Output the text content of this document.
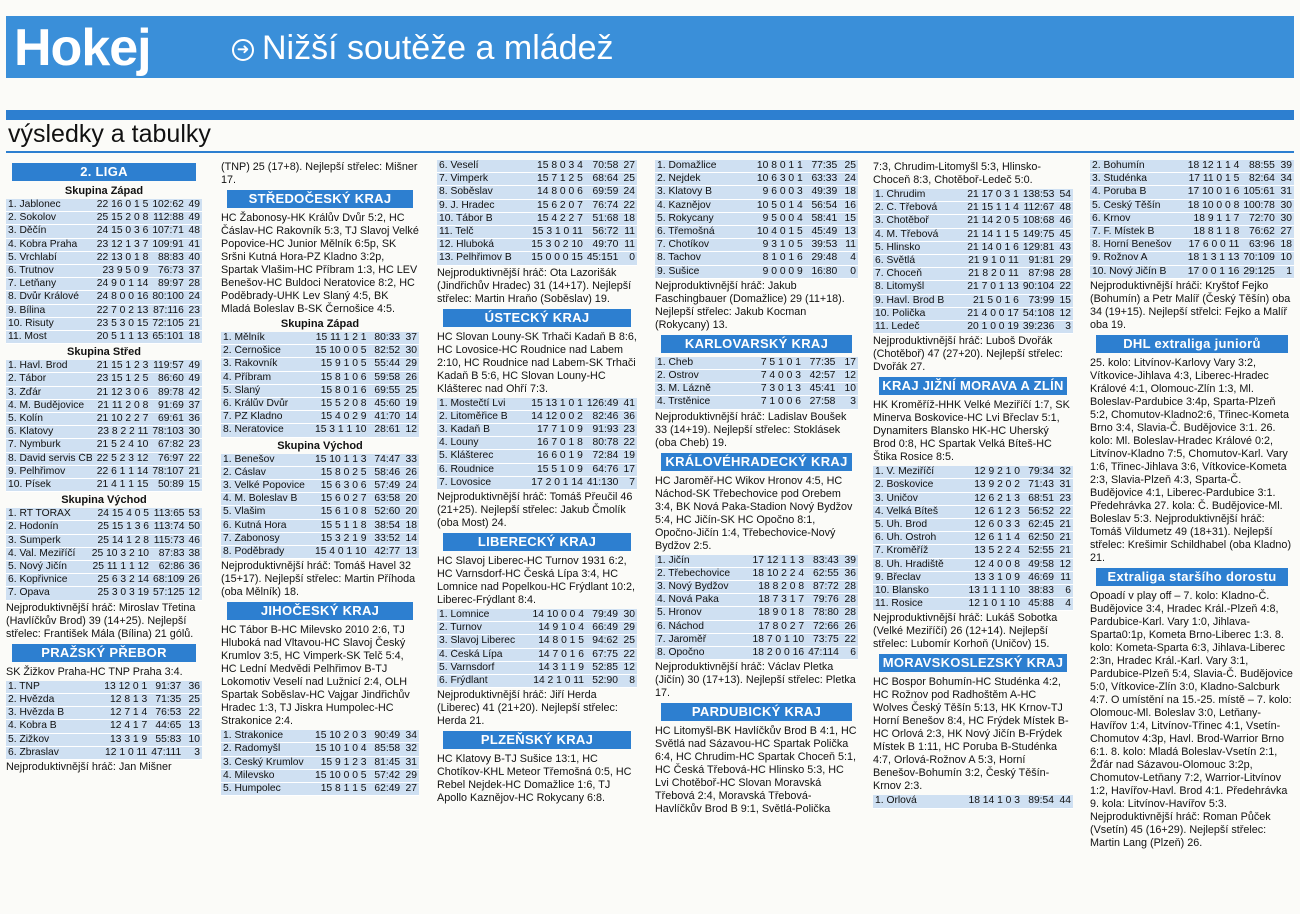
Hokej	➜ Nižší soutěže a mládež
výsledky a tabulky
2. LIGA
Skupina Západ
1. Jablonec	22 16 0 1 5	102:62	49
2. Sokolov	25 15 2 0 8	112:88	49
3. Děčín	24 15 0 3 6	107:71	48
4. Kobra Praha	23 12 1 3 7	109:91	41
5. Vrchlabí	22 13 0 1 8	88:83	40
6. Trutnov	23 9 5 0 9	76:73	37
7. Letňany	24 9 0 1 14	89:97	28
8. Dvůr Králové	24 8 0 0 16	80:100	24
9. Bílina	22 7 0 2 13	87:116	23
10. Řisuty	23 5 3 0 15	72:105	21
11. Most	20 5 1 1 13	65:101	18
Skupina Střed
1. Havl. Brod	21 15 1 2 3	119:57	49
2. Tábor	23 15 1 2 5	86:60	49
3. Žďár	21 12 3 0 6	89:78	42
4. M. Budějovice	21 11 2 0 8	91:69	37
5. Kolín	21 10 2 2 7	69:61	36
6. Klatovy	23 8 2 2 11	78:103	30
7. Nymburk	21 5 2 4 10	67:82	23
8. David servis ČB	22 5 2 3 12	76:97	22
9. Pelhřimov	22 6 1 1 14	78:107	21
10. Písek	21 4 1 1 15	50:89	15
Skupina Východ
1. RT TORAX	24 15 4 0 5	113:65	53
2. Hodonín	25 15 1 3 6	113:74	50
3. Šumperk	25 14 1 2 8	115:73	46
4. Val. Meziříčí	25 10 3 2 10	87:83	38
5. Nový Jičín	25 11 1 1 12	62:86	36
6. Kopřivnice	25 6 3 2 14	68:109	26
7. Opava	25 3 0 3 19	57:125	12

Nejproduktivnější hráč: Miroslav Třetina (Havlíčkův Brod) 39 (14+25). Nejlepší střelec: František Mála (Bílina) 21 gólů.

PRAŽSKÝ PŘEBOR

SK Žižkov Praha-HC TNP Praha 3:4.

1. TNP	13 12 0 1	91:37	36
2. Hvězda	12 8 1 3	71:35	25
3. Hvězda B	12 7 1 4	76:53	22
4. Kobra B	12 4 1 7	44:65	13
5. Žižkov	13 3 1 9	55:83	10
6. Zbraslav	12 1 0 11	47:111	3

Nejproduktivnější hráč: Jan Mišner

(TNP) 25 (17+8). Nejlepší střelec: Mišner 17.

STŘEDOČESKÝ KRAJ

HC Žabonosy-HK Králův Dvůr 5:2, HC Čáslav-HC Rakovník 5:3, TJ Slavoj Velké Popovice-HC Junior Mělník 6:5p, SK Sršni Kutná Hora-PZ Kladno 3:2p, Spartak Vlašim-HC Příbram 1:3, HC LEV Benešov-HC Buldoci Neratovice 8:2, HC Poděbrady-UHK Lev Slaný 4:5, BK Mladá Boleslav B-SK Černošice 4:5.

Skupina Západ
1. Mělník	15 11 1 2 1	80:33	37
2. Černošice	15 10 0 0 5	82:52	30
3. Rakovník	15 9 1 0 5	55:44	29
4. Příbram	15 8 1 0 6	59:58	26
5. Slaný	15 8 0 1 6	69:55	25
6. Králův Dvůr	15 5 2 0 8	45:60	19
7. PZ Kladno	15 4 0 2 9	41:70	14
8. Neratovice	15 3 1 1 10	28:61	12
Skupina Východ
1. Benešov	15 10 1 1 3	74:47	33
2. Čáslav	15 8 0 2 5	58:46	26
3. Velké Popovice	15 6 3 0 6	57:49	24
4. M. Boleslav B	15 6 0 2 7	63:58	20
5. Vlašim	15 6 1 0 8	52:60	20
6. Kutná Hora	15 5 1 1 8	38:54	18
7. Žabonosy	15 3 2 1 9	33:52	14
8. Poděbrady	15 4 0 1 10	42:77	13

Nejproduktivnější hráč: Tomáš Havel 32 (15+17). Nejlepší střelec: Martin Příhoda (oba Mělník) 18.

JIHOČESKÝ KRAJ

HC Tábor B-HC Milevsko 2010 2:6, TJ Hluboká nad Vltavou-HC Slavoj Český Krumlov 3:5, HC Vimperk-SK Telč 5:4, HC Lední Medvědi Pelhřimov B-TJ Lokomotiv Veselí nad Lužnicí 2:4, OLH Spartak Soběslav-HC Vajgar Jindřichův Hradec 1:3, TJ Jiskra Humpolec-HC Strakonice 2:4.

1. Strakonice	15 10 2 0 3	90:49	34
2. Radomyšl	15 10 1 0 4	85:58	32
3. Český Krumlov	15 9 1 2 3	81:45	31
4. Milevsko	15 10 0 0 5	57:42	29
5. Humpolec	15 8 1 1 5	62:49	27
6. Veselí	15 8 0 3 4	70:58	27
7. Vimperk	15 7 1 2 5	68:64	25
8. Soběslav	14 8 0 0 6	69:59	24
9. J. Hradec	15 6 2 0 7	76:74	22
10. Tábor B	15 4 2 2 7	51:68	18
11. Telč	15 3 1 0 11	56:72	11
12. Hluboká	15 3 0 2 10	49:70	11
13. Pelhřimov B	15 0 0 0 15	45:151	0

Nejproduktivnější hráč: Ota Lazorišák (Jindřichův Hradec) 31 (14+17). Nejlepší střelec: Martin Hraňo (Soběslav) 19.

ÚSTECKÝ KRAJ

HC Slovan Louny-SK Trhači Kadaň B 8:6, HC Lovosice-HC Roudnice nad Labem 2:10, HC Roudnice nad Labem-SK Trhači Kadaň B 5:6, HC Slovan Louny-HC Klášterec nad Ohří 7:3.

1. Mostečtí Lvi	15 13 1 0 1	126:49	41
2. Litoměřice B	14 12 0 0 2	82:46	36
3. Kadaň B	17 7 1 0 9	91:93	23
4. Louny	16 7 0 1 8	80:78	22
5. Klášterec	16 6 0 1 9	72:84	19
6. Roudnice	15 5 1 0 9	64:76	17
7. Lovosice	17 2 0 1 14	41:130	7

Nejproduktivnější hráč: Tomáš Přeučil 46 (21+25). Nejlepší střelec: Jakub Čmolík (oba Most) 24.

LIBERECKÝ KRAJ

HC Slavoj Liberec-HC Turnov 1931 6:2, HC Varnsdorf-HC Česká Lípa 3:4, HC Lomnice nad Popelkou-HC Frýdlant 10:2, Liberec-Frýdlant 8:4.

1. Lomnice	14 10 0 0 4	79:49	30
2. Turnov	14 9 1 0 4	66:49	29
3. Slavoj Liberec	14 8 0 1 5	94:62	25
4. Česká Lípa	14 7 0 1 6	67:75	22
5. Varnsdorf	14 3 1 1 9	52:85	12
6. Frýdlant	14 2 1 0 11	52:90	8

Nejproduktivnější hráč: Jiří Herda (Liberec) 41 (21+20). Nejlepší střelec: Herda 21.

PLZEŇSKÝ KRAJ

HC Klatovy B-TJ Sušice 13:1, HC Chotíkov-KHL Meteor Třemošná 0:5, HC Rebel Nejdek-HC Domažlice 1:6, TJ Apollo Kaznějov-HC Rokycany 6:8.

1. Domažlice	10 8 0 1 1	77:35	25
2. Nejdek	10 6 3 0 1	63:33	24
3. Klatovy B	9 6 0 0 3	49:39	18
4. Kaznějov	10 5 0 1 4	56:54	16
5. Rokycany	9 5 0 0 4	58:41	15
6. Třemošná	10 4 0 1 5	45:49	13
7. Chotíkov	9 3 1 0 5	39:53	11
8. Tachov	8 1 0 1 6	29:48	4
9. Sušice	9 0 0 0 9	16:80	0

Nejproduktivnější hráč: Jakub Faschingbauer (Domažlice) 29 (11+18). Nejlepší střelec: Jakub Kocman (Rokycany) 13.

KARLOVARSKÝ KRAJ
1. Cheb	7 5 1 0 1	77:35	17
2. Ostrov	7 4 0 0 3	42:57	12
3. M. Lázně	7 3 0 1 3	45:41	10
4. Trstěnice	7 1 0 0 6	27:58	3

Nejproduktivnější hráč: Ladislav Boušek 33 (14+19). Nejlepší střelec: Stoklásek (oba Cheb) 19.

KRÁLOVÉHRADECKÝ KRAJ

HC Jaroměř-HC Wikov Hronov 4:5, HC Náchod-SK Třebechovice pod Orebem 3:4, BK Nová Paka-Stadion Nový Bydžov 5:4, HC Jičín-SK HC Opočno 8:1, Opočno-Jičín 1:4, Třebechovice-Nový Bydžov 2:5.

1. Jičín	17 12 1 1 3	83:43	39
2. Třebechovice	18 10 2 2 4	62:55	36
3. Nový Bydžov	18 8 2 0 8	87:72	28
4. Nová Paka	18 7 3 1 7	79:76	28
5. Hronov	18 9 0 1 8	78:80	28
6. Náchod	17 8 0 2 7	72:66	26
7. Jaroměř	18 7 0 1 10	73:75	22
8. Opočno	18 2 0 0 16	47:114	6

Nejproduktivnější hráč: Václav Pletka (Jičín) 30 (17+13). Nejlepší střelec: Pletka 17.

PARDUBICKÝ KRAJ

HC Litomyšl-BK Havlíčkův Brod B 4:1, HC Světlá nad Sázavou-HC Spartak Polička 6:4, HC Chrudim-HC Spartak Choceň 5:1, HC Česká Třebová-HC Hlinsko 5:3, HC Lvi Chotěboř-HC Slovan Moravská Třebová 2:4, Moravská Třebová-Havlíčkův Brod B 9:1, Světlá-Polička

7:3, Chrudim-Litomyšl 5:3, Hlinsko-Choceň 8:3, Chotěboř-Ledeč 5:0.

1. Chrudim	21 17 0 3 1	138:53	54
2. Č. Třebová	21 15 1 1 4	112:67	48
3. Chotěboř	21 14 2 0 5	108:68	46
4. M. Třebová	21 14 1 1 5	149:75	45
5. Hlinsko	21 14 0 1 6	129:81	43
6. Světlá	21 9 1 0 11	91:81	29
7. Choceň	21 8 2 0 11	87:98	28
8. Litomyšl	21 7 0 1 13	90:104	22
9. Havl. Brod B	21 5 0 1 6	73:99	15
10. Polička	21 4 0 0 17	54:108	12
11. Ledeč	20 1 0 0 19	39:236	3

Nejproduktivnější hráč: Luboš Dvořák (Chotěboř) 47 (27+20). Nejlepší střelec: Dvořák 27.

KRAJ JIŽNÍ MORAVA A ZLÍN

HK Kroměříž-HHK Velké Meziříčí 1:7, SK Minerva Boskovice-HC Lvi Břeclav 5:1, Dynamiters Blansko HK-HC Uherský Brod 0:8, HC Spartak Velká Bíteš-HC Štika Rosice 8:5.

1. V. Meziříčí	12 9 2 1 0	79:34	32
2. Boskovice	13 9 2 0 2	71:43	31
3. Uničov	12 6 2 1 3	68:51	23
4. Velká Bíteš	12 6 1 2 3	56:52	22
5. Uh. Brod	12 6 0 3 3	62:45	21
6. Uh. Ostroh	12 6 1 1 4	62:50	21
7. Kroměříž	13 5 2 2 4	52:55	21
8. Uh. Hradiště	12 4 0 0 8	49:58	12
9. Břeclav	13 3 1 0 9	46:69	11
10. Blansko	13 1 1 1 10	38:83	6
11. Rosice	12 1 0 1 10	45:88	4

Nejproduktivnější hráč: Lukáš Sobotka (Velké Meziříčí) 26 (12+14). Nejlepší střelec: Lubomír Korhoň (Uničov) 15.

MORAVSKOSLEZSKÝ KRAJ

HC Bospor Bohumín-HC Studénka 4:2, HC Rožnov pod Radhoštěm A-HC Wolves Český Těšín 5:13, HK Krnov-TJ Horní Benešov 8:4, HC Frýdek Místek B-HC Orlová 2:3, HK Nový Jičín B-Frýdek Místek B 1:11, HC Poruba B-Studénka 4:7, Orlová-Rožnov A 5:3, Horní Benešov-Bohumín 3:2, Český Těšín-Krnov 2:3.

1. Orlová	18 14 1 0 3	89:54	44
2. Bohumín	18 12 1 1 4	88:55	39
3. Studénka	17 11 0 1 5	82:64	34
4. Poruba B	17 10 0 1 6	105:61	31
5. Český Těšín	18 10 0 0 8	100:78	30
6. Krnov	18 9 1 1 7	72:70	30
7. F. Místek B	18 8 1 1 8	76:62	27
8. Horní Benešov	17 6 0 0 11	63:96	18
9. Rožnov A	18 1 3 1 13	70:109	10
10. Nový Jičín B	17 0 0 1 16	29:125	1

Nejproduktivnější hráči: Kryštof Fejko (Bohumín) a Petr Malíř (Český Těšín) oba 34 (19+15). Nejlepší střelci: Fejko a Malíř oba 19.

DHL extraliga juniorů

25. kolo: Litvínov-Karlovy Vary 3:2, Vítkovice-Jihlava 4:3, Liberec-Hradec Králové 4:1, Olomouc-Zlín 1:3, Ml. Boleslav-Pardubice 3:4p, Sparta-Plzeň 5:2, Chomutov-Kladno2:6, Třinec-Kometa Brno 3:4, Slavia-Č. Budějovice 3:1. 26. kolo: Ml. Boleslav-Hradec Králové 0:2, Litvínov-Kladno 7:5, Chomutov-Karl. Vary 1:6, Třinec-Jihlava 3:6, Vítkovice-Kometa 2:3, Slavia-Plzeň 4:3, Sparta-Č. Budějovice 4:1, Liberec-Pardubice 3:1. Předehrávka 27. kola: Č. Budějovice-Ml. Boleslav 5:3. Nejproduktivnější hráč: Tomáš Vildumetz 49 (18+31). Nejlepší střelec: Krešimir Schildhabel (oba Kladno) 21.

Extraliga staršího dorostu

Opoadí v play off – 7. kolo: Kladno-Č. Budějovice 3:4, Hradec Král.-Plzeň 4:8, Pardubice-Karl. Vary 1:0, Jihlava-Sparta0:1p, Kometa Brno-Liberec 1:3. 8. kolo: Kometa-Sparta 6:3, Jihlava-Liberec 2:3n, Hradec Král.-Karl. Vary 3:1, Pardubice-Plzeň 5:4, Slavia-Č. Budějovice 5:0, Vítkovice-Zlín 3:0, Kladno-Salcburk 4:7. O umístění na 15.-25. místě – 7. kolo: Olomouc-Ml. Boleslav 3:0, Letňany-Havířov 1:4, Litvínov-Třinec 4:1, Vsetín-Chomutov 4:3p, Havl. Brod-Warrior Brno 6:1. 8. kolo: Mladá Boleslav-Vsetín 2:1, Žďár nad Sázavou-Olomouc 3:2p, Chomutov-Letňany 7:2, Warrior-Litvínov 1:2, Havířov-Havl. Brod 4:1. Předehrávka 9. kola: Litvínov-Havířov 5:3. Nejproduktivnější hráč: Roman Půček (Vsetín) 45 (16+29). Nejlepší střelec: Martin Lang (Plzeň) 26.
